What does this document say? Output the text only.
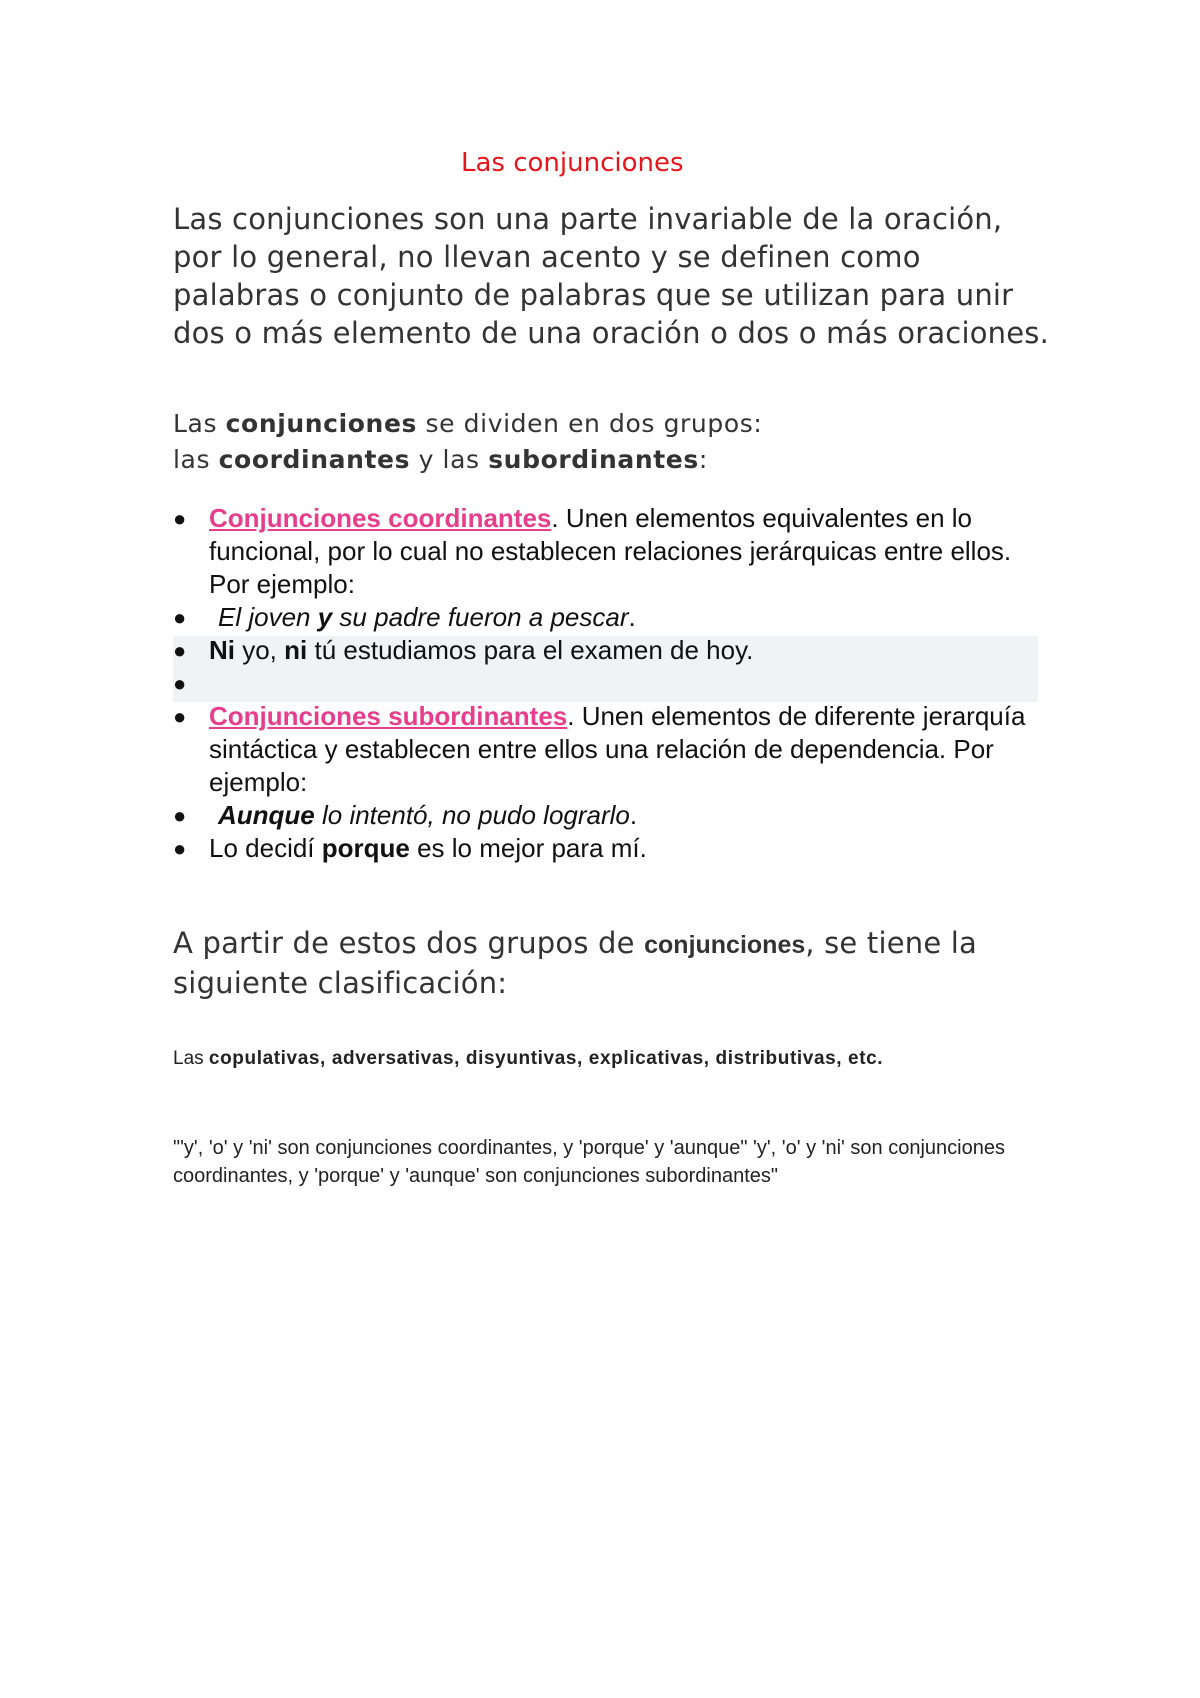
Las conjunciones

Las conjunciones son una parte invariable de la oración, por lo general, no llevan acento y se definen como palabras o conjunto de palabras que se utilizan para unir dos o más elemento de una oración o dos o más oraciones.

Las conjunciones se dividen en dos grupos:
las coordinantes y las subordinantes:
● Conjunciones coordinantes. Unen elementos equivalentes en lo funcional, por lo cual no establecen relaciones jerárquicas entre ellos. Por ejemplo:
● El joven y su padre fueron a pescar.
● Ni yo, ni tú estudiamos para el examen de hoy.
●

● Conjunciones subordinantes. Unen elementos de diferente jerarquía sintáctica y establecen entre ellos una relación de dependencia. Por ejemplo:
● Aunque lo intentó, no pudo lograrlo.
● Lo decidí porque es lo mejor para mí.

A partir de estos dos grupos de conjunciones, se tiene la siguiente clasificación:

Las copulativas, adversativas, disyuntivas, explicativas, distributivas, etc.

"'y', 'o' y 'ni' son conjunciones coordinantes, y 'porque' y 'aunque" 'y', 'o' y 'ni' son conjunciones coordinantes, y 'porque' y 'aunque' son conjunciones subordinantes"
